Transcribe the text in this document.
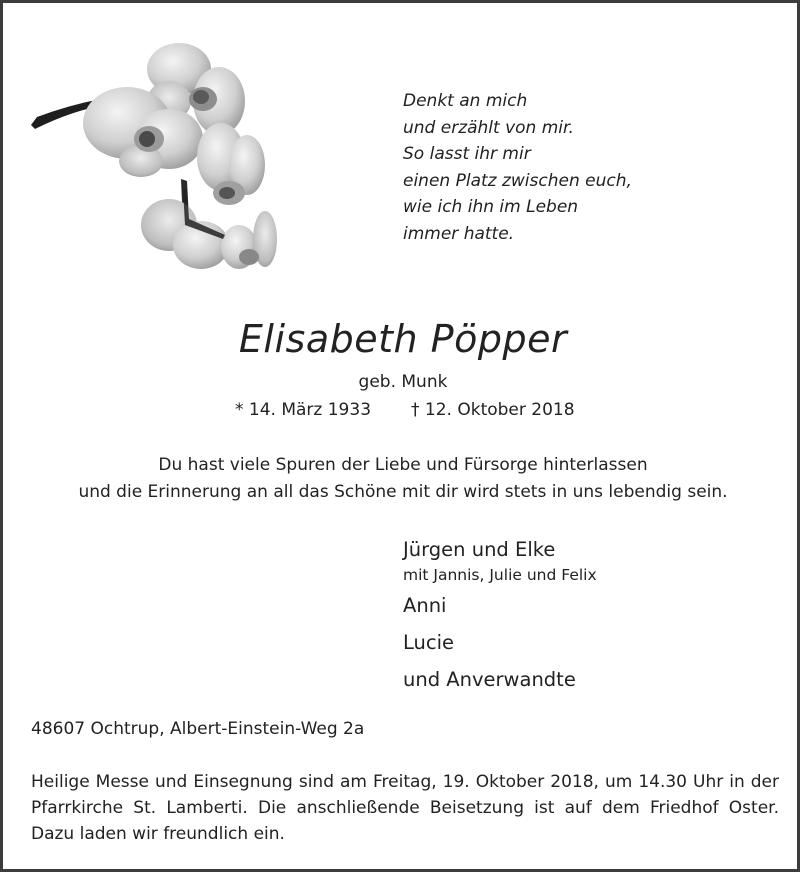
Denkt an mich
und erzählt von mir.
So lasst ihr mir
einen Platz zwischen euch,
wie ich ihn im Leben
immer hatte.
Elisabeth Pöpper
geb. Munk
* 14. März 1933 † 12. Oktober 2018
Du hast viele Spuren der Liebe und Fürsorge hinterlassen
und die Erinnerung an all das Schöne mit dir wird stets in uns lebendig sein.
Jürgen und Elke
mit Jannis, Julie und Felix
Anni
Lucie
und Anverwandte
48607 Ochtrup, Albert-Einstein-Weg 2a
Heilige Messe und Einsegnung sind am Freitag, 19. Oktober 2018, um 14.30 Uhr in der
Pfarrkirche St. Lamberti. Die anschließende Beisetzung ist auf dem Friedhof Oster.
Dazu laden wir freundlich ein.
